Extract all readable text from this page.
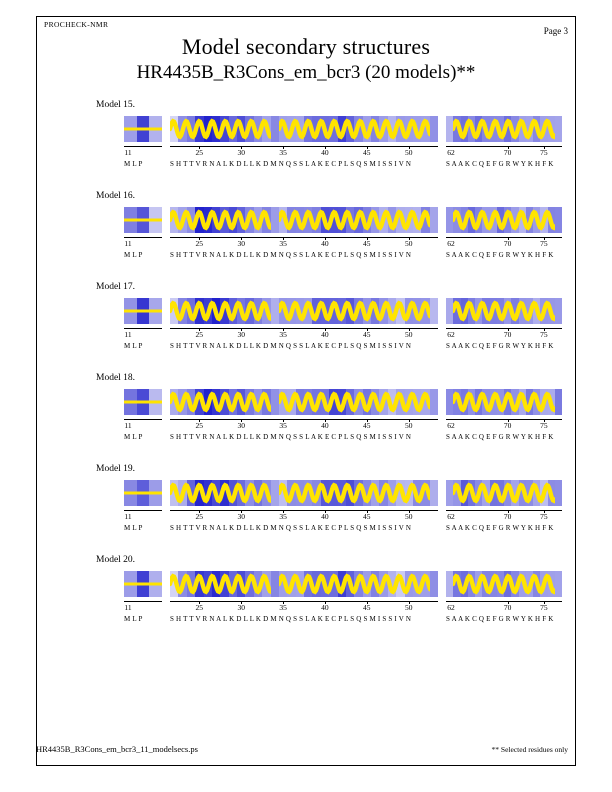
PROCHECK-NMR
Page 3
Model secondary structures
HR4435B_R3Cons_em_bcr3 (20 models)**
Model 15.
11	25	30	35	40	45	50	62	70	75
M L P	S H T T V R N A L K D L L K D M N Q S S L A K E C P L S Q S M I S S I V N	S A A K C Q E F G R W Y K H F K
Model 16.
11	25	30	35	40	45	50	62	70	75
M L P	S H T T V R N A L K D L L K D M N Q S S L A K E C P L S Q S M I S S I V N	S A A K C Q E F G R W Y K H F K
Model 17.
11	25	30	35	40	45	50	62	70	75
M L P	S H T T V R N A L K D L L K D M N Q S S L A K E C P L S Q S M I S S I V N	S A A K C Q E F G R W Y K H F K
Model 18.
11	25	30	35	40	45	50	62	70	75
M L P	S H T T V R N A L K D L L K D M N Q S S L A K E C P L S Q S M I S S I V N	S A A K C Q E F G R W Y K H F K
Model 19.
11	25	30	35	40	45	50	62	70	75
M L P	S H T T V R N A L K D L L K D M N Q S S L A K E C P L S Q S M I S S I V N	S A A K C Q E F G R W Y K H F K
Model 20.
11	25	30	35	40	45	50	62	70	75
M L P	S H T T V R N A L K D L L K D M N Q S S L A K E C P L S Q S M I S S I V N	S A A K C Q E F G R W Y K H F K
HR4435B_R3Cons_em_bcr3_11_modelsecs.ps	** Selected residues only
